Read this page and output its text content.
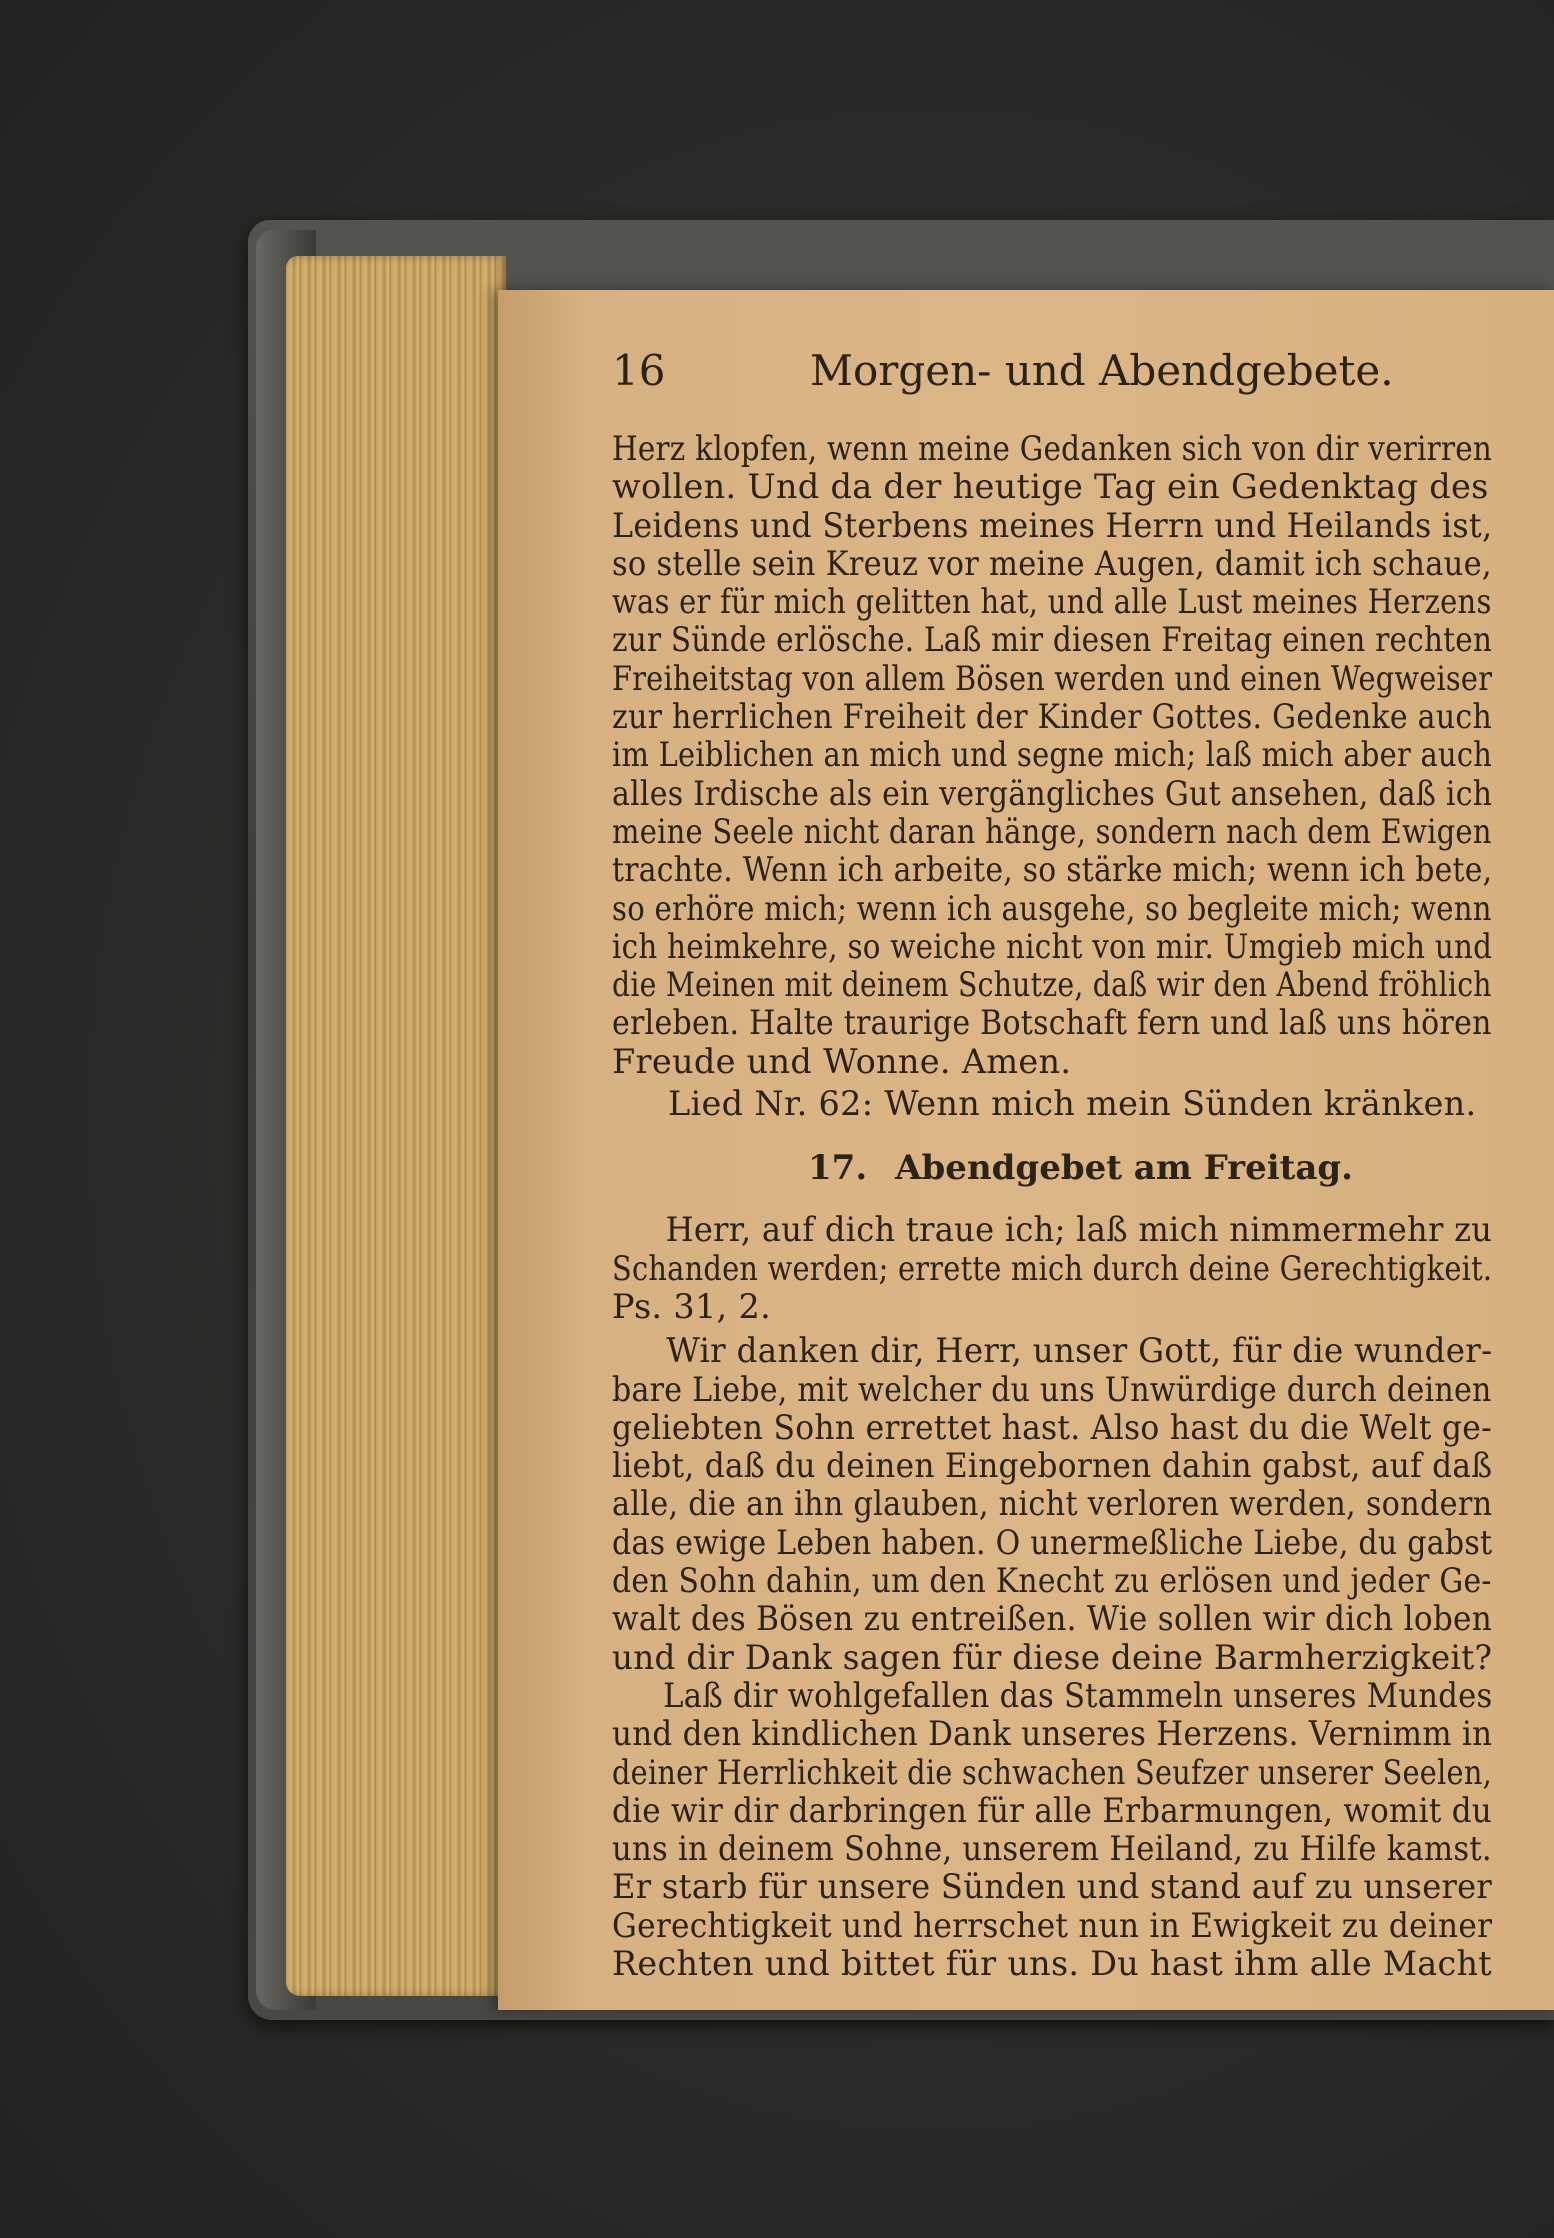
16	Morgen- und Abendgebete.
Herz klopfen, wenn meine Gedanken sich von dir verirren
wollen. Und da der heutige Tag ein Gedenktag des
Leidens und Sterbens meines Herrn und Heilands ist,
so stelle sein Kreuz vor meine Augen, damit ich schaue,
was er für mich gelitten hat, und alle Lust meines Herzens
zur Sünde erlösche. Laß mir diesen Freitag einen rechten
Freiheitstag von allem Bösen werden und einen Wegweiser
zur herrlichen Freiheit der Kinder Gottes. Gedenke auch
im Leiblichen an mich und segne mich; laß mich aber auch
alles Irdische als ein vergängliches Gut ansehen, daß ich
meine Seele nicht daran hänge, sondern nach dem Ewigen
trachte. Wenn ich arbeite, so stärke mich; wenn ich bete,
so erhöre mich; wenn ich ausgehe, so begleite mich; wenn
ich heimkehre, so weiche nicht von mir. Umgieb mich und
die Meinen mit deinem Schutze, daß wir den Abend fröhlich
erleben. Halte traurige Botschaft fern und laß uns hören
Freude und Wonne. Amen.
Lied Nr. 62: Wenn mich mein Sünden kränken.
17. Abendgebet am Freitag.
Herr, auf dich traue ich; laß mich nimmermehr zu
Schanden werden; errette mich durch deine Gerechtigkeit.
Ps. 31, 2.
Wir danken dir, Herr, unser Gott, für die wunder-
bare Liebe, mit welcher du uns Unwürdige durch deinen
geliebten Sohn errettet hast. Also hast du die Welt ge-
liebt, daß du deinen Eingebornen dahin gabst, auf daß
alle, die an ihn glauben, nicht verloren werden, sondern
das ewige Leben haben. O unermeßliche Liebe, du gabst
den Sohn dahin, um den Knecht zu erlösen und jeder Ge-
walt des Bösen zu entreißen. Wie sollen wir dich loben
und dir Dank sagen für diese deine Barmherzigkeit?
Laß dir wohlgefallen das Stammeln unseres Mundes
und den kindlichen Dank unseres Herzens. Vernimm in
deiner Herrlichkeit die schwachen Seufzer unserer Seelen,
die wir dir darbringen für alle Erbarmungen, womit du
uns in deinem Sohne, unserem Heiland, zu Hilfe kamst.
Er starb für unsere Sünden und stand auf zu unserer
Gerechtigkeit und herrschet nun in Ewigkeit zu deiner
Rechten und bittet für uns. Du hast ihm alle Macht
